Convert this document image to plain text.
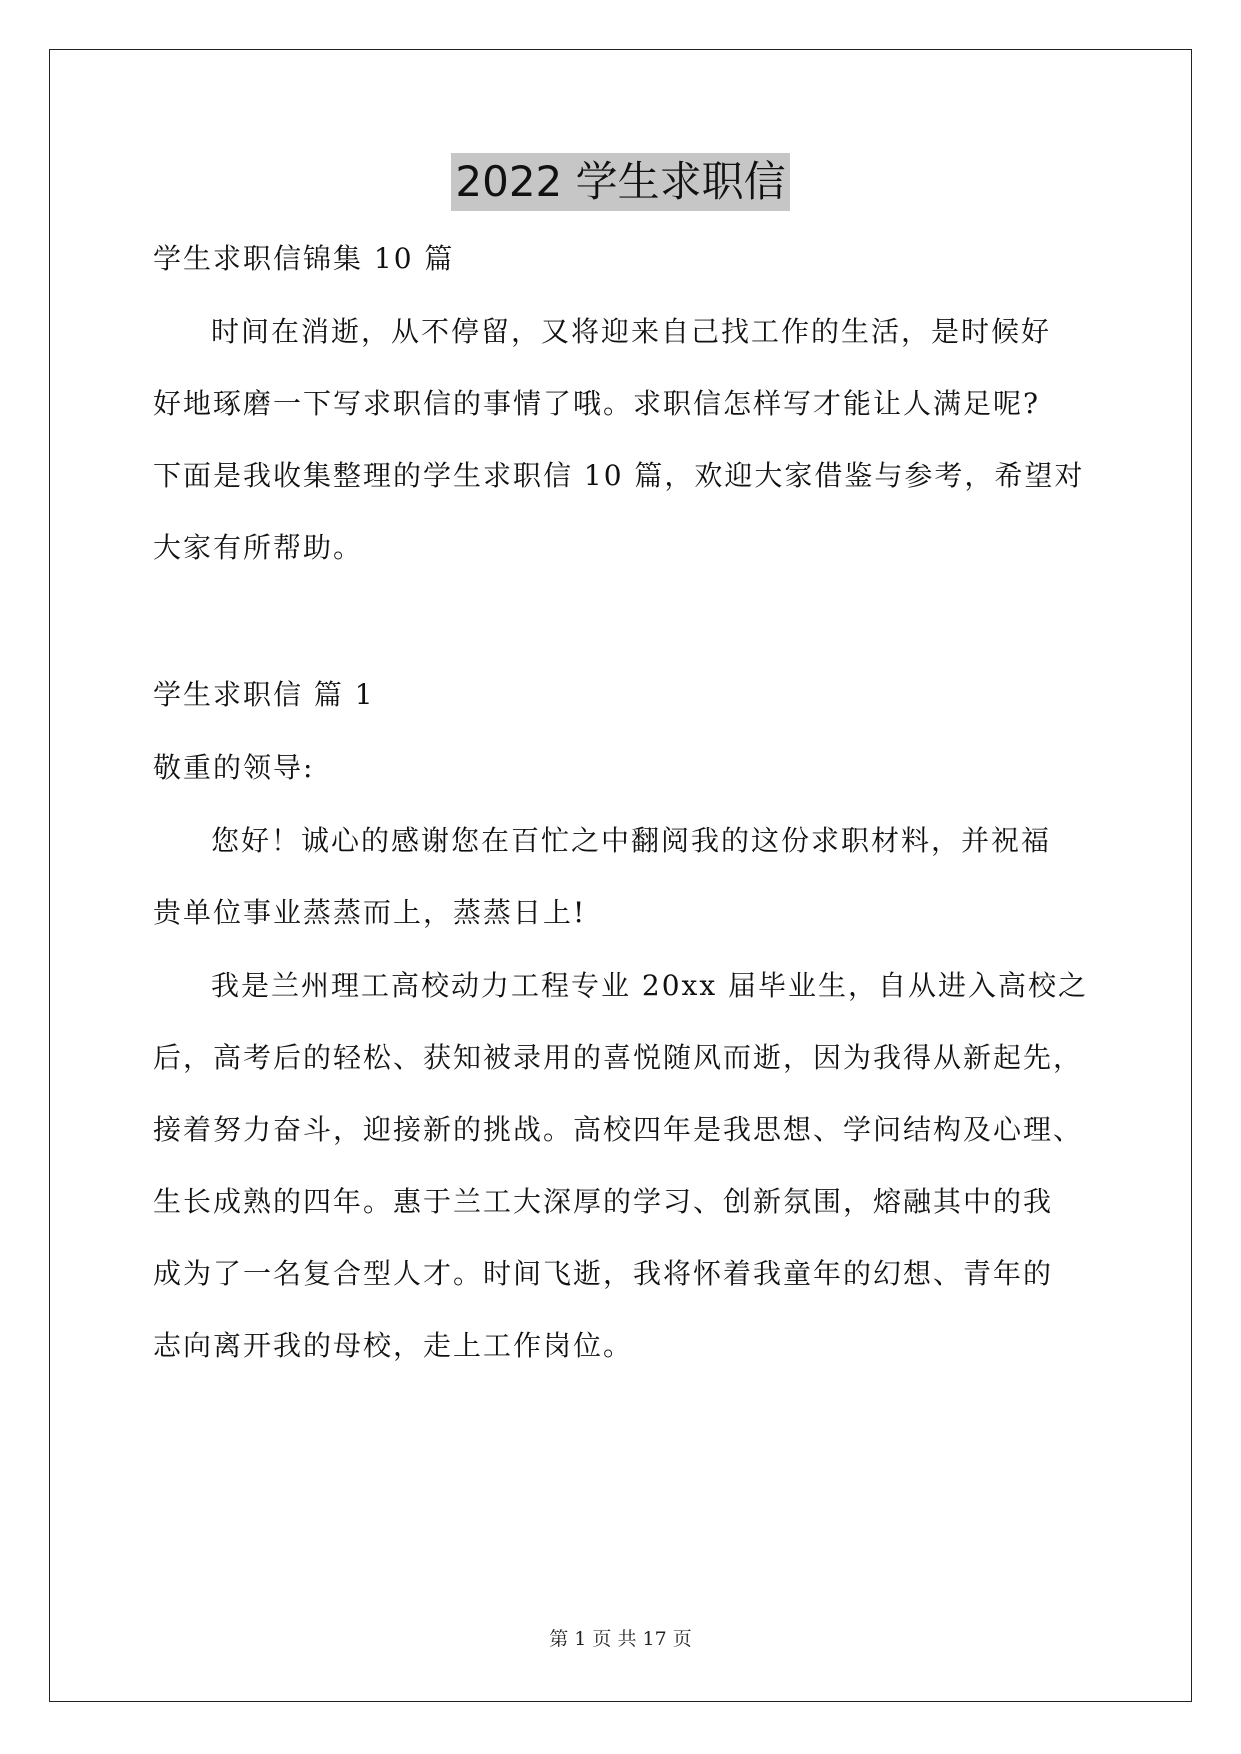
2022 学生求职信
学生求职信锦集 10 篇
时间在消逝，从不停留，又将迎来自己找工作的生活，是时候好
好地琢磨一下写求职信的事情了哦。求职信怎样写才能让人满足呢?
下面是我收集整理的学生求职信 10 篇，欢迎大家借鉴与参考，希望对
大家有所帮助。
学生求职信 篇 1
敬重的领导:
您好！诚心的感谢您在百忙之中翻阅我的这份求职材料，并祝福
贵单位事业蒸蒸而上，蒸蒸日上!
我是兰州理工高校动力工程专业 20xx 届毕业生，自从进入高校之
后，高考后的轻松、获知被录用的喜悦随风而逝，因为我得从新起先，
接着努力奋斗，迎接新的挑战。高校四年是我思想、学问结构及心理、
生长成熟的四年。惠于兰工大深厚的学习、创新氛围，熔融其中的我
成为了一名复合型人才。时间飞逝，我将怀着我童年的幻想、青年的
志向离开我的母校，走上工作岗位。
第 1 页 共 17 页
